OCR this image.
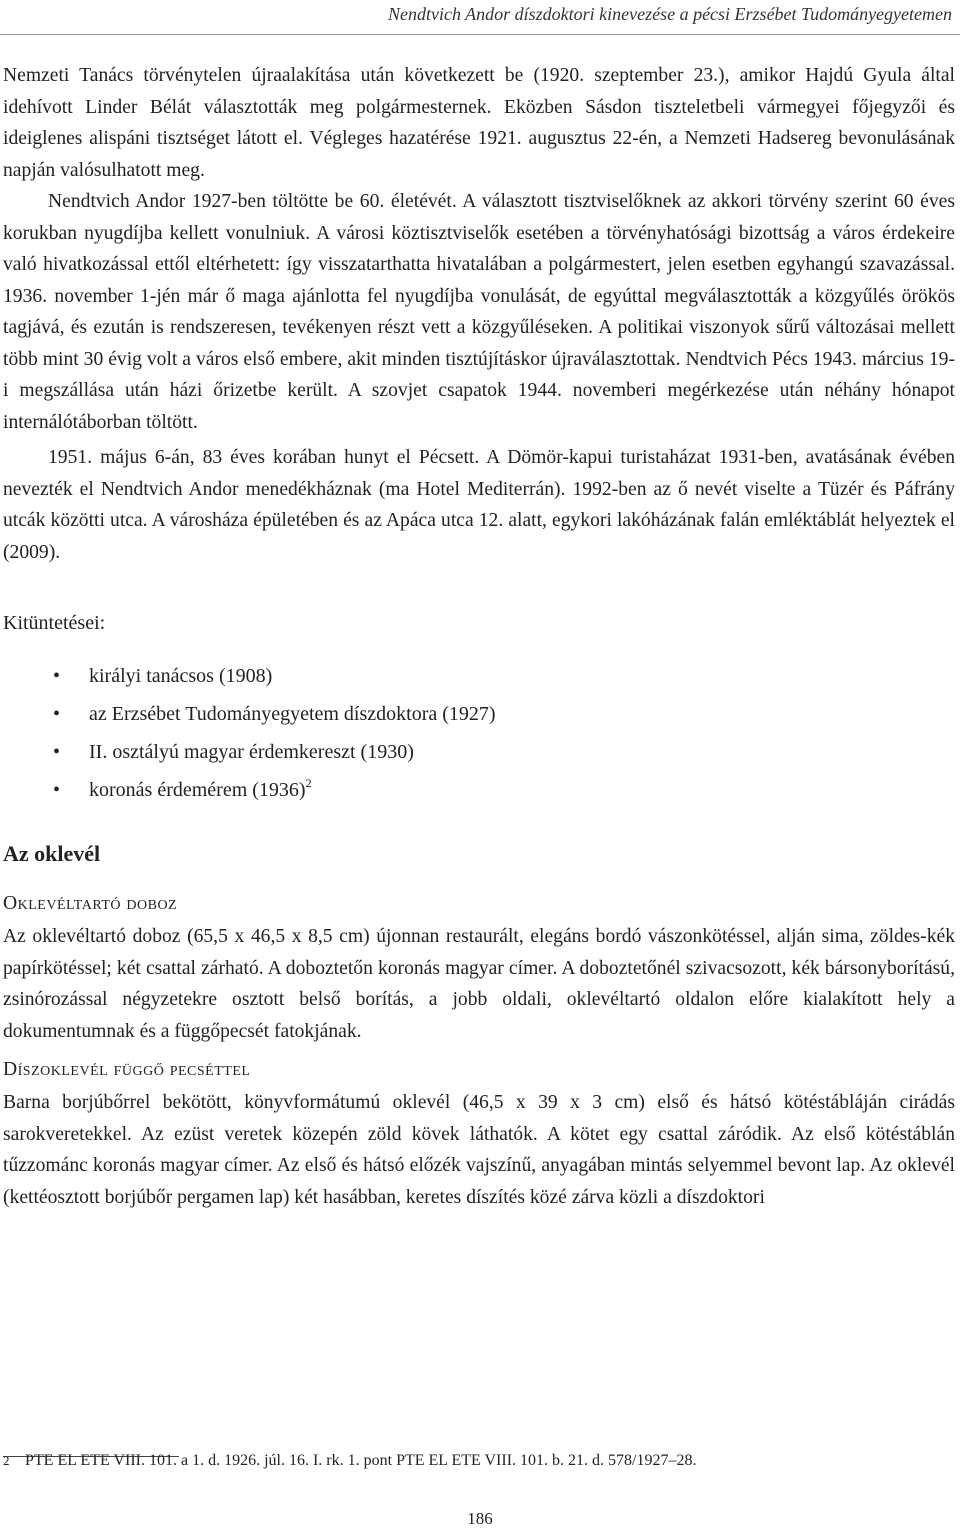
Nendtvich Andor díszdoktori kinevezése a pécsi Erzsébet Tudományegyetemen

Nemzeti Tanács törvénytelen újraalakítása után következett be (1920. szeptember 23.), amikor Hajdú Gyula által idehívott Linder Bélát választották meg polgármesternek. Eközben Sásdon tiszteletbeli vármegyei főjegyzői és ideiglenes alispáni tisztséget látott el. Végleges hazatérése 1921. augusztus 22-én, a Nemzeti Hadsereg bevonulásának napján valósulhatott meg.

Nendtvich Andor 1927-ben töltötte be 60. életévét. A választott tisztviselőknek az akkori törvény szerint 60 éves korukban nyugdíjba kellett vonulniuk. A városi köztisztviselők esetében a törvényhatósági bizottság a város érdekeire való hivatkozással ettől eltérhetett: így visszatarthatta hivatalában a polgármestert, jelen esetben egyhangú szavazással. 1936. november 1-jén már ő maga ajánlotta fel nyugdíjba vonulását, de egyúttal megválasztották a közgyűlés örökös tagjává, és ezután is rendszeresen, tevékenyen részt vett a közgyűléseken. A politikai viszonyok sűrű változásai mellett több mint 30 évig volt a város első embere, akit minden tisztújításkor újraválasztottak. Nendtvich Pécs 1943. március 19-i megszállása után házi őrizetbe került. A szovjet csapatok 1944. novemberi megérkezése után néhány hónapot internálótáborban töltött.

1951. május 6-án, 83 éves korában hunyt el Pécsett. A Dömör-kapui turistaházat 1931-ben, avatásának évében nevezték el Nendtvich Andor menedékháznak (ma Hotel Mediterrán). 1992-ben az ő nevét viselte a Tüzér és Páfrány utcák közötti utca. A városháza épületében és az Apáca utca 12. alatt, egykori lakóházának falán emléktáblát helyeztek el (2009).

Kitüntetései:
• királyi tanácsos (1908)
• az Erzsébet Tudományegyetem díszdoktora (1927)
• II. osztályú magyar érdemkereszt (1930)
• koronás érdemérem $(1936)^2$
Az oklevél
Oklevéltartó doboz

Az oklevéltartó doboz (65,5 x 46,5 x 8,5 cm) újonnan restaurált, elegáns bordó vászonkötéssel, alján sima, zöldes-kék papírkötéssel; két csattal zárható. A doboztetőn koronás magyar címer. A doboztetőnél szivacsozott, kék bársonyborítású, zsinórozással négyzetekre osztott belső borítás, a jobb oldali, oklevéltartó oldalon előre kialakított hely a dokumentumnak és a függőpecsét fatokjának.

Díszoklevél függő pecséttel

Barna borjúbőrrel bekötött, könyvformátumú oklevél (46,5 x 39 x 3 cm) első és hátsó kötéstábláján cirádás sarokveretekkel. Az ezüst veretek közepén zöld kövek láthatók. A kötet egy csattal záródik. Az első kötéstáblán tűzzománc koronás magyar címer. Az első és hátsó előzék vajszínű, anyagában mintás selyemmel bevont lap. Az oklevél (kettéosztott borjúbőr pergamen lap) két hasábban, keretes díszítés közé zárva közli a díszdoktori

2 PTE EL ETE VIII. 101. a 1. d. 1926. júl. 16. I. rk. 1. pont PTE EL ETE VIII. 101. b. 21. d. 578/1927–28.
186
